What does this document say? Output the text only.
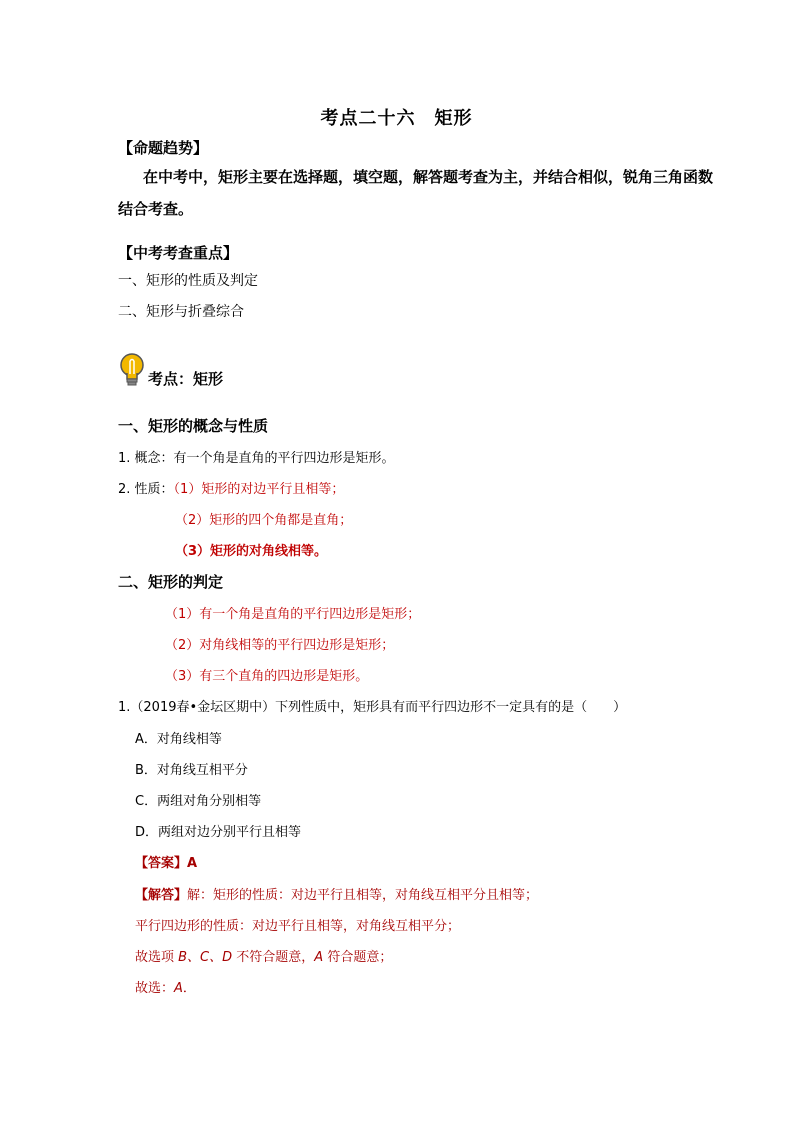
考点二十六　矩形
【命题趋势】
在中考中，矩形主要在选择题，填空题，解答题考查为主，并结合相似，锐角三角函数
结合考查。
【中考考查重点】
一、矩形的性质及判定
二、矩形与折叠综合
考点：矩形
一、矩形的概念与性质
1. 概念：有一个角是直角的平行四边形是矩形。
2. 性质：（1）矩形的对边平行且相等；
（2）矩形的四个角都是直角；
（3）矩形的对角线相等。
二、矩形的判定
（1）有一个角是直角的平行四边形是矩形；
（2）对角线相等的平行四边形是矩形；
（3）有三个直角的四边形是矩形。
1.（2019春•金坛区期中）下列性质中，矩形具有而平行四边形不一定具有的是（　　）
A．对角线相等
B．对角线互相平分
C．两组对角分别相等
D．两组对边分别平行且相等
【答案】A
【解答】解：矩形的性质：对边平行且相等，对角线互相平分且相等；
平行四边形的性质：对边平行且相等，对角线互相平分；
故选项 B、C、D 不符合题意，A 符合题意；
故选：A．
